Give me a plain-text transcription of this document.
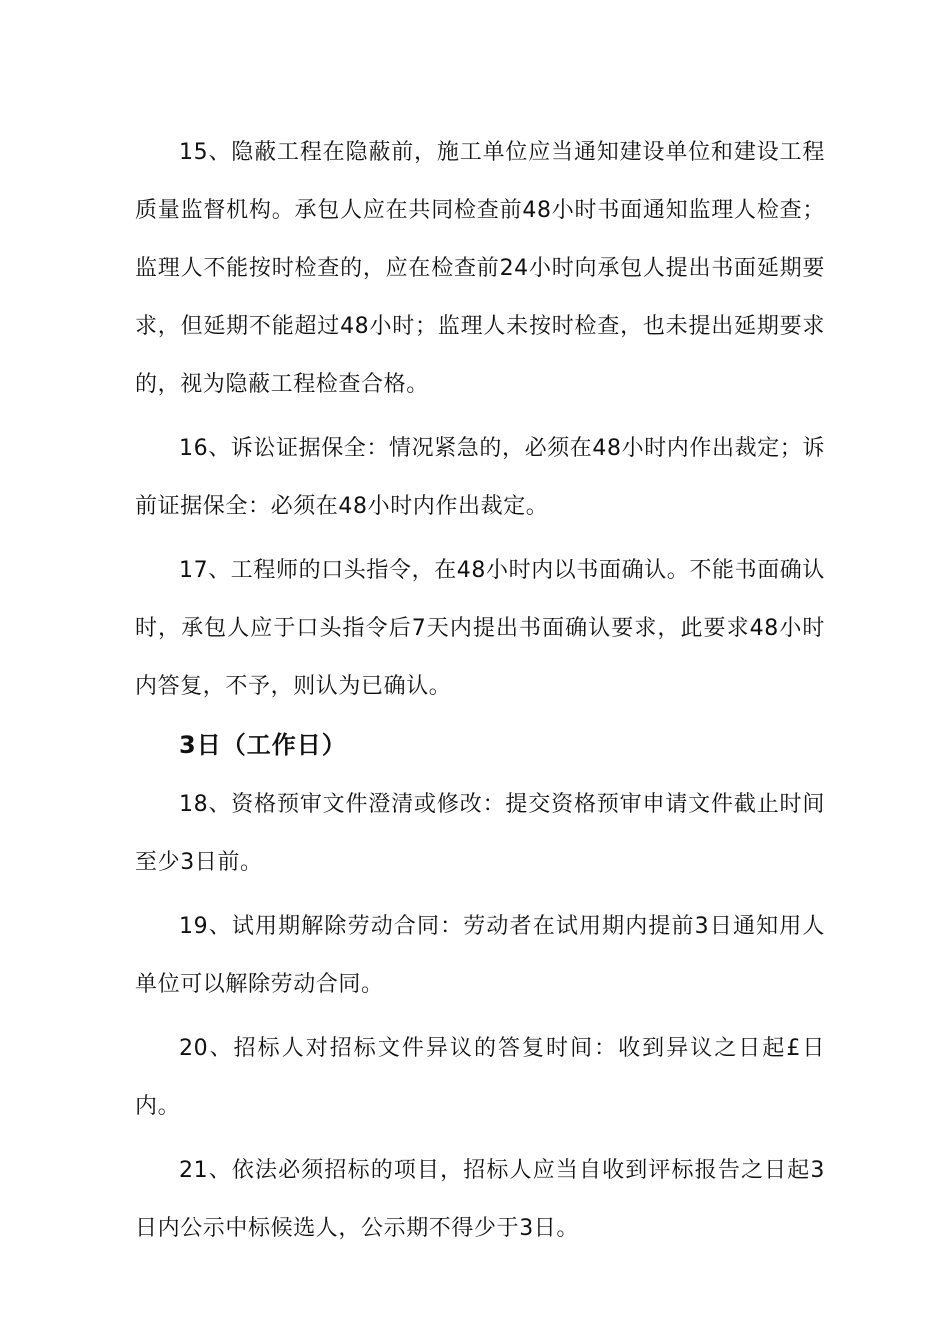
15、隐蔽工程在隐蔽前，施工单位应当通知建设单位和建设工程质量监督机构。承包人应在共同检查前48小时书面通知监理人检查；监理人不能按时检查的，应在检查前24小时向承包人提出书面延期要求，但延期不能超过48小时；监理人未按时检查，也未提出延期要求的，视为隐蔽工程检查合格。

16、诉讼证据保全：情况紧急的，必须在48小时内作出裁定；诉前证据保全：必须在48小时内作出裁定。

17、工程师的口头指令，在48小时内以书面确认。不能书面确认时，承包人应于口头指令后7天内提出书面确认要求，此要求48小时内答复，不予，则认为已确认。

3日（工作日）

18、资格预审文件澄清或修改：提交资格预审申请文件截止时间至少3日前。

19、试用期解除劳动合同：劳动者在试用期内提前3日通知用人单位可以解除劳动合同。

20、招标人对招标文件异议的答复时间：收到异议之日起£日内。

21、依法必须招标的项目，招标人应当自收到评标报告之日起3日内公示中标候选人，公示期不得少于3日。
